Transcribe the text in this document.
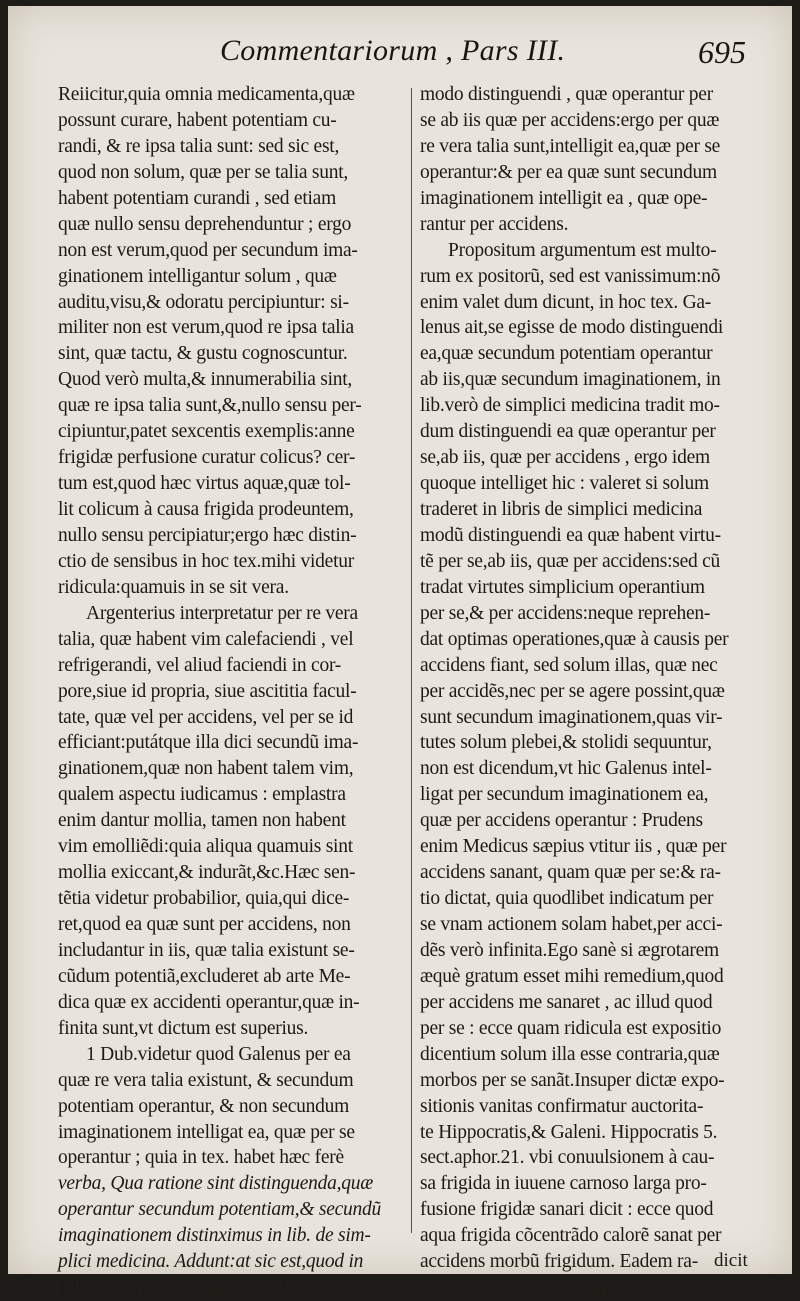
Commentariorum , Pars III.	695
Reiicitur,quia omnia medicamenta,quæ
possunt curare, habent potentiam cu-
randi, & re ipsa talia sunt: sed sic est,
quod non solum, quæ per se talia sunt,
habent potentiam curandi , sed etiam
quæ nullo sensu deprehenduntur ; ergo
non est verum,quod per secundum ima-
ginationem intelligantur solum , quæ
auditu,visu,& odoratu percipiuntur: si-
militer non est verum,quod re ipsa talia
sint, quæ tactu, & gustu cognoscuntur.
Quod verò multa,& innumerabilia sint,
quæ re ipsa talia sunt,&,nullo sensu per-
cipiuntur,patet sexcentis exemplis:anne
frigidæ perfusione curatur colicus? cer-
tum est,quod hæc virtus aquæ,quæ tol-
lit colicum à causa frigida prodeuntem,
nullo sensu percipiatur;ergo hæc distin-
ctio de sensibus in hoc tex.mihi videtur
ridicula:quamuis in se sit vera.
Argenterius interpretatur per re vera
talia, quæ habent vim calefaciendi , vel
refrigerandi, vel aliud faciendi in cor-
pore,siue id propria, siue ascititia facul-
tate, quæ vel per accidens, vel per se id
efficiant:putátque illa dici secundũ ima-
ginationem,quæ non habent talem vim,
qualem aspectu iudicamus : emplastra
enim dantur mollia, tamen non habent
vim emolliẽdi:quia aliqua quamuis sint
mollia exiccant,& indurãt,&c.Hæc sen-
tẽtia videtur probabilior, quia,qui dice-
ret,quod ea quæ sunt per accidens, non
includantur in iis, quæ talia existunt se-
cũdum potentiã,excluderet ab arte Me-
dica quæ ex accidenti operantur,quæ in-
finita sunt,vt dictum est superius.
1 Dub.videtur quod Galenus per ea
quæ re vera talia existunt, & secundum
potentiam operantur, & non secundum
imaginationem intelligat ea, quæ per se
operantur ; quia in tex. habet hæc ferè
verba, Qua ratione sint distinguenda,quæ
operantur secundum potentiam,& secundũ
imaginationem distinximus in lib. de sim-
plici medicina. Addunt:at sic est,quod in
1.lib. & tertio de simplici med. egit de
modo distinguendi , quæ operantur per
se ab iis quæ per accidens:ergo per quæ
re vera talia sunt,intelligit ea,quæ per se
operantur:& per ea quæ sunt secundum
imaginationem intelligit ea , quæ ope-
rantur per accidens.
Propositum argumentum est multo-
rum ex positorũ, sed est vanissimum:nõ
enim valet dum dicunt, in hoc tex. Ga-
lenus ait,se egisse de modo distinguendi
ea,quæ secundum potentiam operantur
ab iis,quæ secundum imaginationem, in
lib.verò de simplici medicina tradit mo-
dum distinguendi ea quæ operantur per
se,ab iis, quæ per accidens , ergo idem
quoque intelliget hic : valeret si solum
traderet in libris de simplici medicina
modũ distinguendi ea quæ habent virtu-
tẽ per se,ab iis, quæ per accidens:sed cũ
tradat virtutes simplicium operantium
per se,& per accidens:neque reprehen-
dat optimas operationes,quæ à causis per
accidens fiant, sed solum illas, quæ nec
per accidẽs,nec per se agere possint,quæ
sunt secundum imaginationem,quas vir-
tutes solum plebei,& stolidi sequuntur,
non est dicendum,vt hic Galenus intel-
ligat per secundum imaginationem ea,
quæ per accidens operantur : Prudens
enim Medicus sæpius vtitur iis , quæ per
accidens sanant, quam quæ per se:& ra-
tio dictat, quia quodlibet indicatum per
se vnam actionem solam habet,per acci-
dẽs verò infinita.Ego sanè si ægrotarem
æquè gratum esset mihi remedium,quod
per accidens me sanaret , ac illud quod
per se : ecce quam ridicula est expositio
dicentium solum illa esse contraria,quæ
morbos per se sanãt.Insuper dictæ expo-
sitionis vanitas confirmatur auctorita-
te Hippocratis,& Galeni. Hippocratis 5.
sect.aphor.21. vbi conuulsionem à cau-
sa frigida in iuuene carnoso larga pro-
fusione frigidæ sanari dicit : ecce quod
aqua frigida cõcentrãdo calorẽ sanat per
accidens morbũ frigidum. Eadem ra-
tione,Galenus 3. de temperamentis,c.5.
dicit
